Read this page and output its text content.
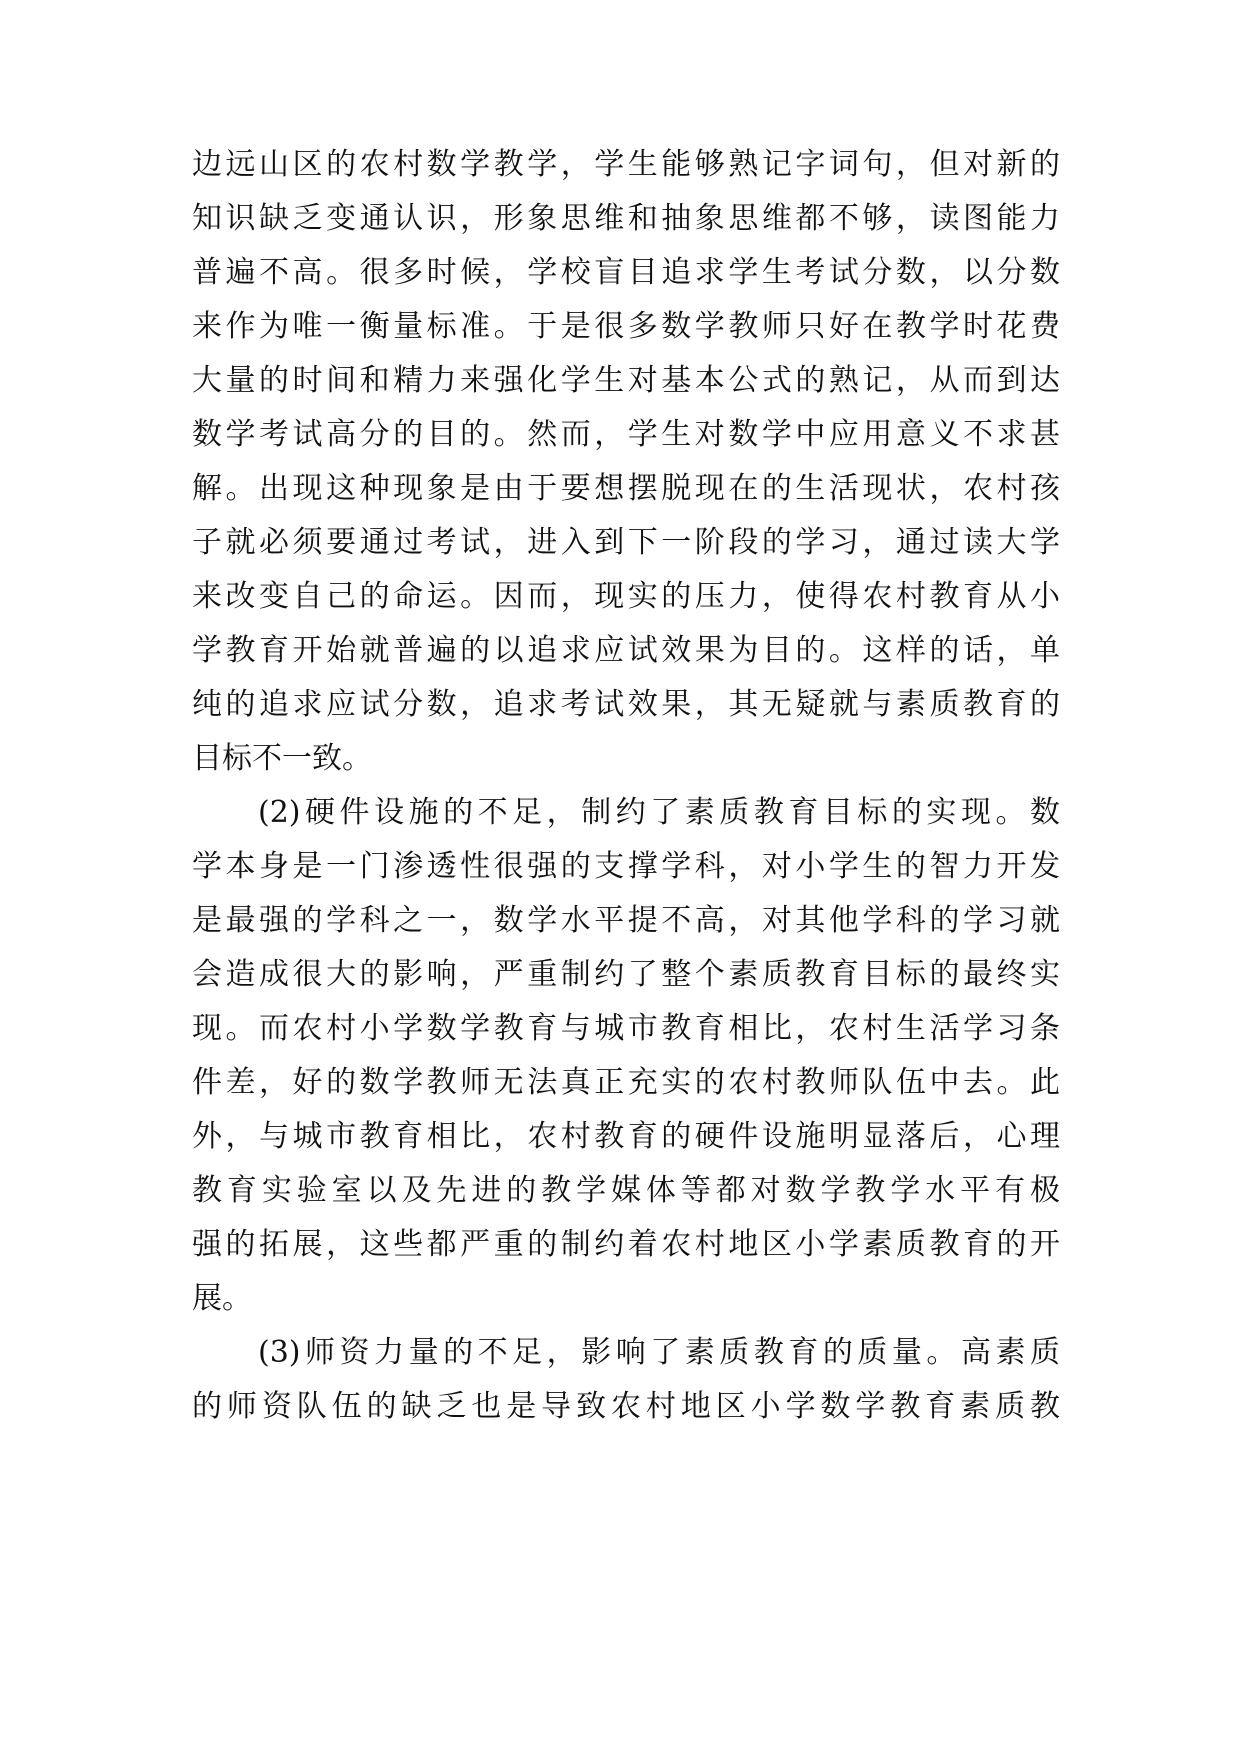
边远山区的农村数学教学，学生能够熟记字词句，但对新的

知识缺乏变通认识，形象思维和抽象思维都不够，读图能力

普遍不高。很多时候，学校盲目追求学生考试分数，以分数

来作为唯一衡量标准。于是很多数学教师只好在教学时花费

大量的时间和精力来强化学生对基本公式的熟记，从而到达

数学考试高分的目的。然而，学生对数学中应用意义不求甚

解。出现这种现象是由于要想摆脱现在的生活现状，农村孩

子就必须要通过考试，进入到下一阶段的学习，通过读大学

来改变自己的命运。因而，现实的压力，使得农村教育从小

学教育开始就普遍的以追求应试效果为目的。这样的话，单

纯的追求应试分数，追求考试效果，其无疑就与素质教育的

目标不一致。

(2)硬件设施的不足，制约了素质教育目标的实现。数

学本身是一门渗透性很强的支撑学科，对小学生的智力开发

是最强的学科之一，数学水平提不高，对其他学科的学习就

会造成很大的影响，严重制约了整个素质教育目标的最终实

现。而农村小学数学教育与城市教育相比，农村生活学习条

件差，好的数学教师无法真正充实的农村教师队伍中去。此

外，与城市教育相比，农村教育的硬件设施明显落后，心理

教育实验室以及先进的教学媒体等都对数学教学水平有极

强的拓展，这些都严重的制约着农村地区小学素质教育的开

展。

(3)师资力量的不足，影响了素质教育的质量。高素质

的师资队伍的缺乏也是导致农村地区小学数学教育素质教
